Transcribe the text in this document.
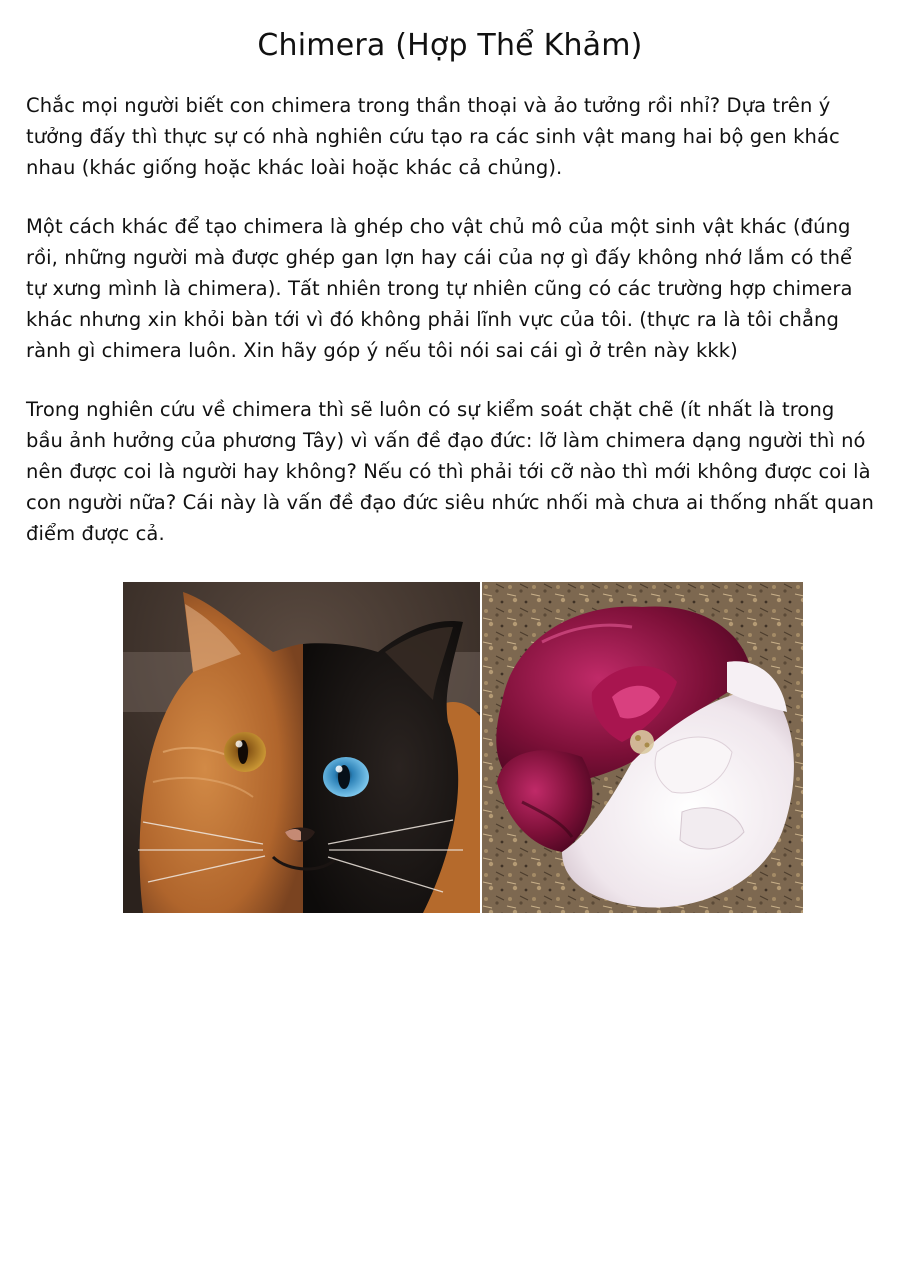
Chimera (Hợp Thể Khảm)

Chắc mọi người biết con chimera trong thần thoại và ảo tưởng rồi nhỉ? Dựa trên ý tưởng đấy thì thực sự có nhà nghiên cứu tạo ra các sinh vật mang hai bộ gen khác nhau (khác giống hoặc khác loài hoặc khác cả chủng).

Một cách khác để tạo chimera là ghép cho vật chủ mô của một sinh vật khác (đúng rồi, những người mà được ghép gan lợn hay cái của nợ gì đấy không nhớ lắm có thể tự xưng mình là chimera). Tất nhiên trong tự nhiên cũng có các trường hợp chimera khác nhưng xin khỏi bàn tới vì đó không phải lĩnh vực của tôi. (thực ra là tôi chẳng rành gì chimera luôn. Xin hãy góp ý nếu tôi nói sai cái gì ở trên này kkk)

Trong nghiên cứu về chimera thì sẽ luôn có sự kiểm soát chặt chẽ (ít nhất là trong bầu ảnh hưởng của phương Tây) vì vấn đề đạo đức: lỡ làm chimera dạng người thì nó nên được coi là người hay không? Nếu có thì phải tới cỡ nào thì mới không được coi là con người nữa? Cái này là vấn đề đạo đức siêu nhức nhối mà chưa ai thống nhất quan điểm được cả.
